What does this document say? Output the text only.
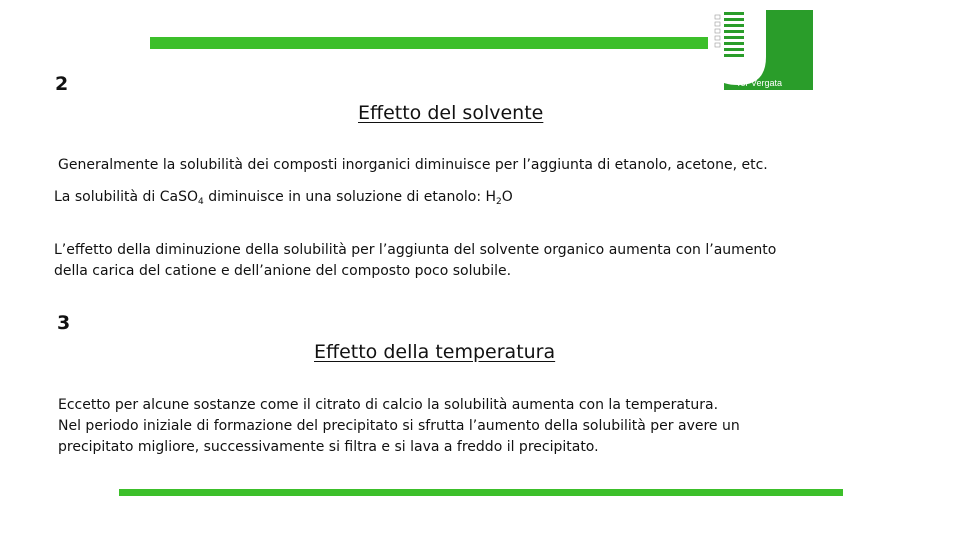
Tor Vergata
2
Effetto del solvente
Generalmente la solubilità dei composti inorganici diminuisce per l’aggiunta di etanolo, acetone, etc.
La solubilità di CaSO$_4$ diminuisce in una soluzione di etanolo: $H_2O$
L’effetto della diminuzione della solubilità per l’aggiunta del solvente organico aumenta con l’aumento
della carica del catione e dell’anione del composto poco solubile.
3
Effetto della temperatura
Eccetto per alcune sostanze come il citrato di calcio la solubilità aumenta con la temperatura.
Nel periodo iniziale di formazione del precipitato si sfrutta l’aumento della solubilità per avere un
precipitato migliore, successivamente si filtra e si lava a freddo il precipitato.
